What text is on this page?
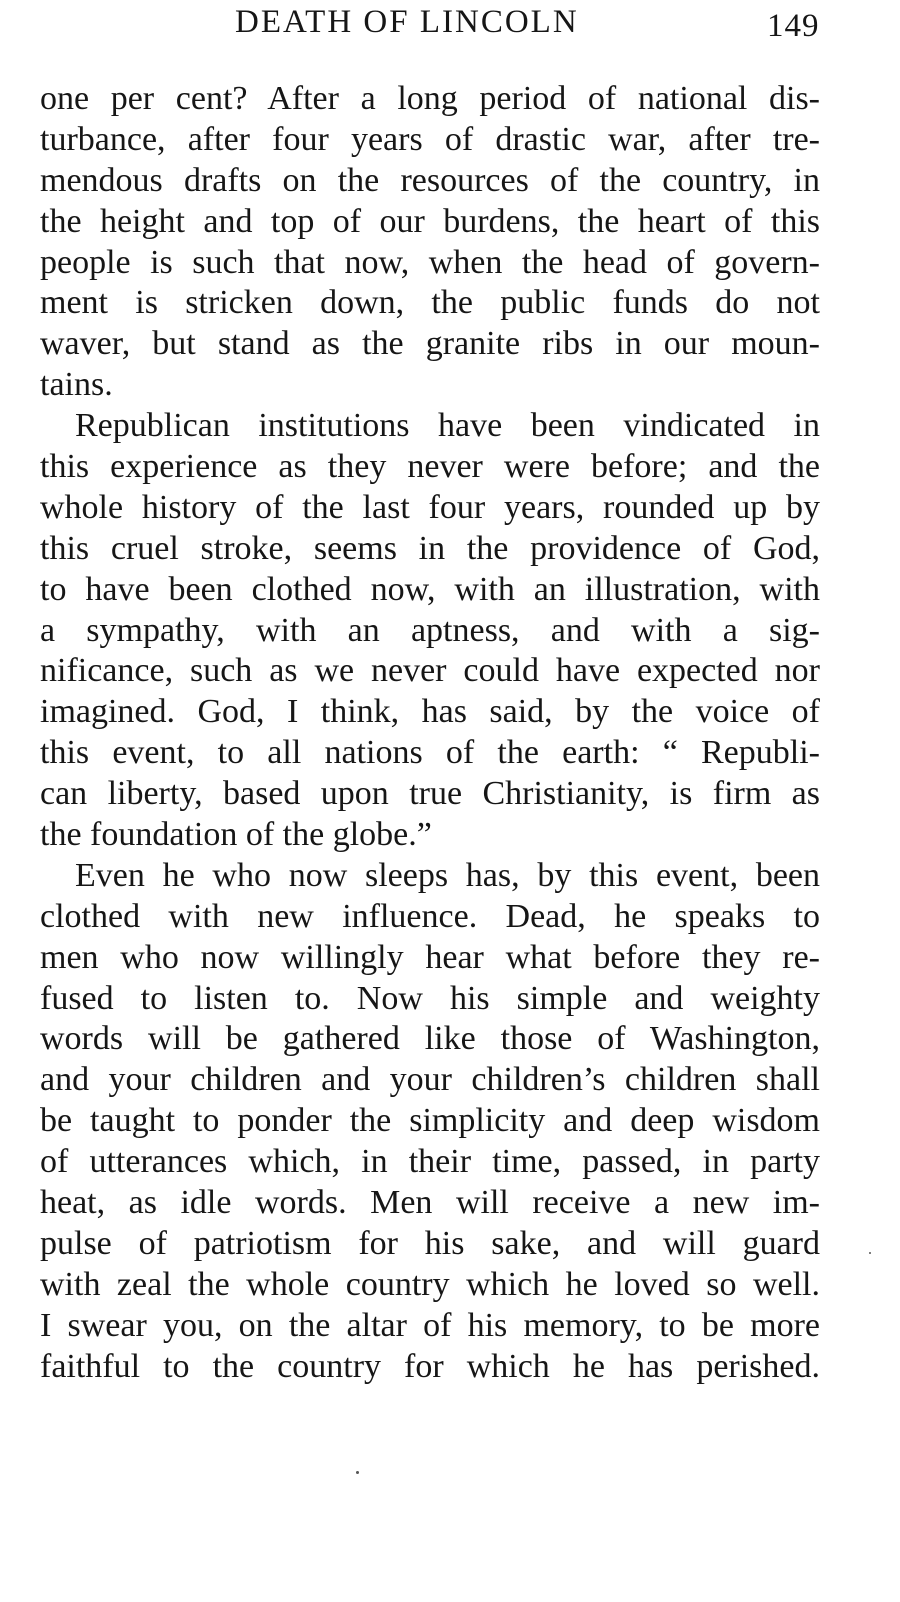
DEATH OF LINCOLN	149
one per cent? After a long period of national dis-
turbance, after four years of drastic war, after tre-
mendous drafts on the resources of the country, in
the height and top of our burdens, the heart of this
people is such that now, when the head of govern-
ment is stricken down, the public funds do not
waver, but stand as the granite ribs in our moun-
tains.
Republican institutions have been vindicated in
this experience as they never were before; and the
whole history of the last four years, rounded up by
this cruel stroke, seems in the providence of God,
to have been clothed now, with an illustration, with
a sympathy, with an aptness, and with a sig-
nificance, such as we never could have expected nor
imagined. God, I think, has said, by the voice of
this event, to all nations of the earth: “ Republi-
can liberty, based upon true Christianity, is firm as
the foundation of the globe.”
Even he who now sleeps has, by this event, been
clothed with new influence. Dead, he speaks to
men who now willingly hear what before they re-
fused to listen to. Now his simple and weighty
words will be gathered like those of Washington,
and your children and your children’s children shall
be taught to ponder the simplicity and deep wisdom
of utterances which, in their time, passed, in party
heat, as idle words. Men will receive a new im-
pulse of patriotism for his sake, and will guard
with zeal the whole country which he loved so well.
I swear you, on the altar of his memory, to be more
faithful to the country for which he has perished.
